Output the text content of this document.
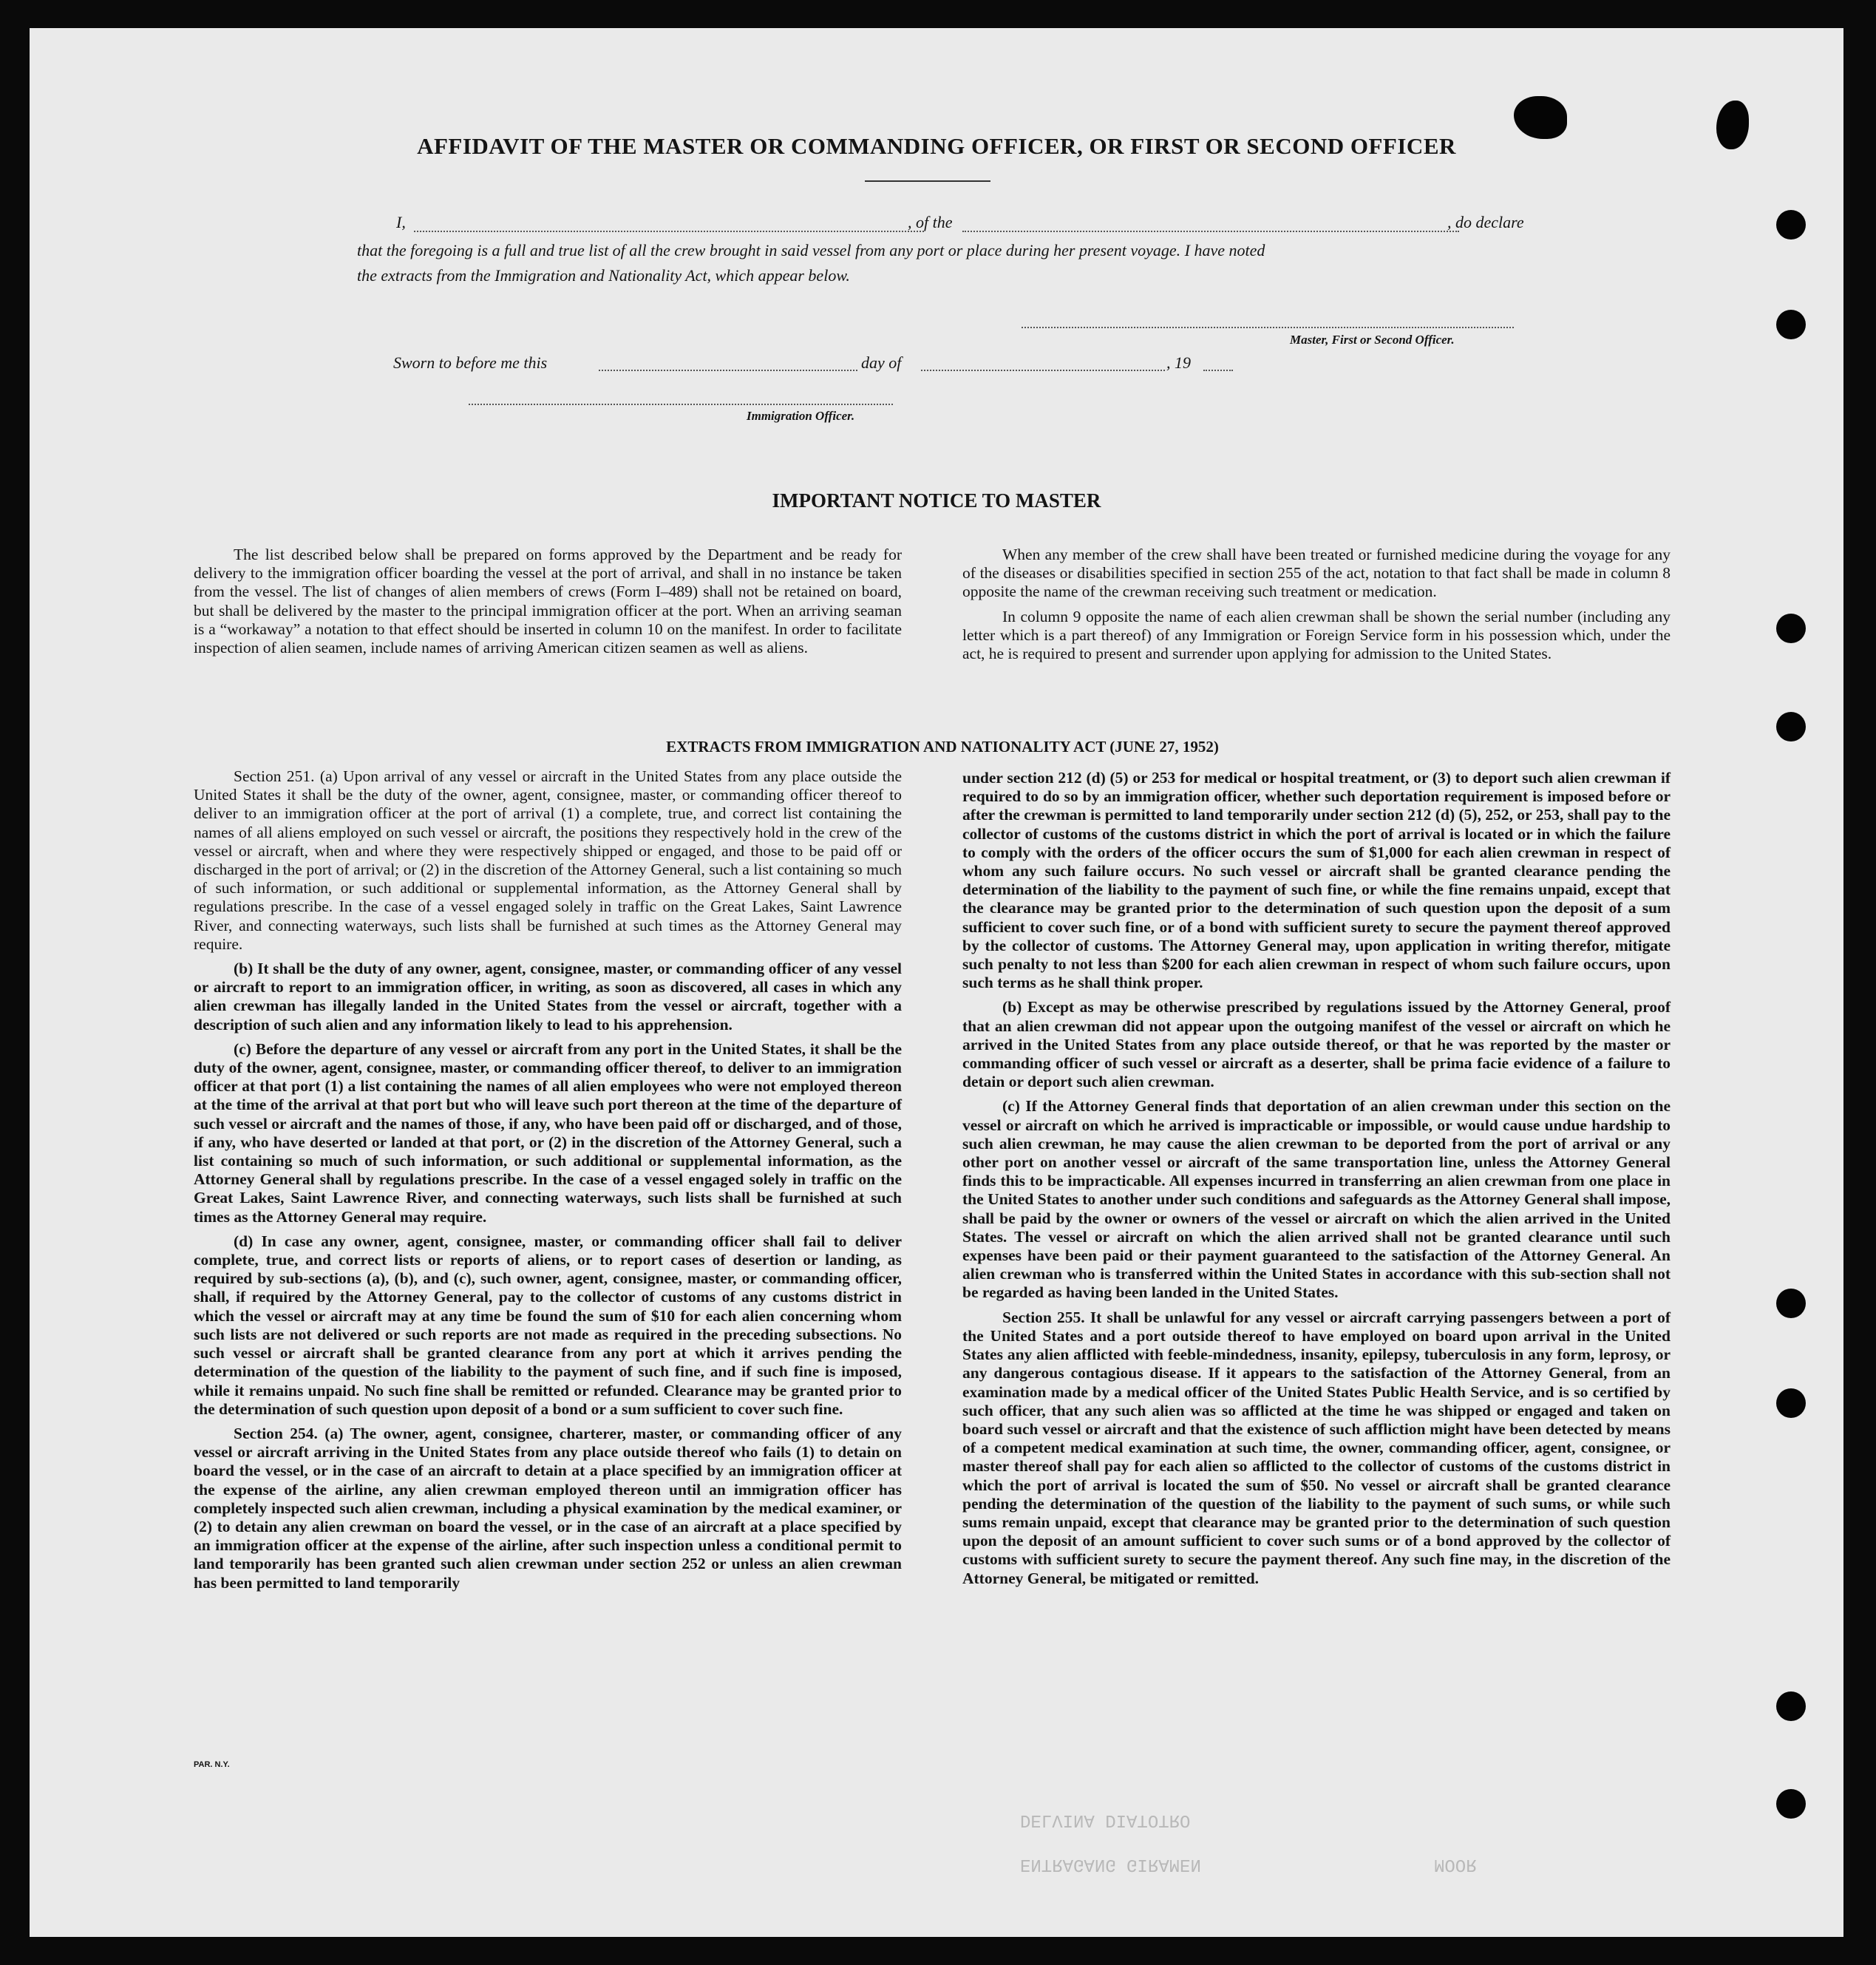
DELVINA DIATOTRO
ENTRAGANG GIRAMEN	MOOR
AFFIDAVIT OF THE MASTER OR COMMANDING OFFICER, OR FIRST OR SECOND OFFICER
I,	, of the	, do declare
that the foregoing is a full and true list of all the crew brought in said vessel from any port or place during her present voyage. I have noted
the extracts from the Immigration and Nationality Act, which appear below.
Master, First or Second Officer.
Sworn to before me this	day of	, 19
Immigration Officer.
IMPORTANT NOTICE TO MASTER

The list described below shall be prepared on forms approved by the Department and be ready for delivery to the immigration officer boarding the vessel at the port of arrival, and shall in no instance be taken from the vessel. The list of changes of alien members of crews (Form I–489) shall not be retained on board, but shall be delivered by the master to the principal immigration officer at the port. When an arriving seaman is a “workaway” a notation to that effect should be inserted in column 10 on the manifest. In order to facilitate inspection of alien seamen, include names of arriving American citizen seamen as well as aliens.

When any member of the crew shall have been treated or furnished medicine during the voyage for any of the diseases or disabilities specified in section 255 of the act, notation to that fact shall be made in column 8 opposite the name of the crewman receiving such treatment or medication.

In column 9 opposite the name of each alien crewman shall be shown the serial number (including any letter which is a part thereof) of any Immigration or Foreign Service form in his possession which, under the act, he is required to present and surrender upon applying for admission to the United States.

EXTRACTS FROM IMMIGRATION AND NATIONALITY ACT (JUNE 27, 1952)

Section 251. (a) Upon arrival of any vessel or aircraft in the United States from any place outside the United States it shall be the duty of the owner, agent, consignee, master, or commanding officer thereof to deliver to an immigration officer at the port of arrival (1) a complete, true, and correct list containing the names of all aliens employed on such vessel or aircraft, the positions they respectively hold in the crew of the vessel or aircraft, when and where they were respectively shipped or engaged, and those to be paid off or discharged in the port of arrival; or (2) in the discretion of the Attorney General, such a list containing so much of such information, or such additional or supplemental information, as the Attorney General shall by regulations prescribe. In the case of a vessel engaged solely in traffic on the Great Lakes, Saint Lawrence River, and connecting waterways, such lists shall be furnished at such times as the Attorney General may require.

(b) It shall be the duty of any owner, agent, consignee, master, or commanding officer of any vessel or aircraft to report to an immigration officer, in writing, as soon as discovered, all cases in which any alien crewman has illegally landed in the United States from the vessel or aircraft, together with a description of such alien and any information likely to lead to his apprehension.

(c) Before the departure of any vessel or aircraft from any port in the United States, it shall be the duty of the owner, agent, consignee, master, or commanding officer thereof, to deliver to an immigration officer at that port (1) a list containing the names of all alien employees who were not employed thereon at the time of the arrival at that port but who will leave such port thereon at the time of the departure of such vessel or aircraft and the names of those, if any, who have been paid off or discharged, and of those, if any, who have deserted or landed at that port, or (2) in the discretion of the Attorney General, such a list containing so much of such information, or such additional or supplemental information, as the Attorney General shall by regulations prescribe. In the case of a vessel engaged solely in traffic on the Great Lakes, Saint Lawrence River, and connecting waterways, such lists shall be furnished at such times as the Attorney General may require.

(d) In case any owner, agent, consignee, master, or commanding officer shall fail to deliver complete, true, and correct lists or reports of aliens, or to report cases of desertion or landing, as required by sub-sections (a), (b), and (c), such owner, agent, consignee, master, or commanding officer, shall, if required by the Attorney General, pay to the collector of customs of any customs district in which the vessel or aircraft may at any time be found the sum of $10 for each alien concerning whom such lists are not delivered or such reports are not made as required in the preceding subsections. No such vessel or aircraft shall be granted clearance from any port at which it arrives pending the determination of the question of the liability to the payment of such fine, and if such fine is imposed, while it remains unpaid. No such fine shall be remitted or refunded. Clearance may be granted prior to the determination of such question upon deposit of a bond or a sum sufficient to cover such fine.

Section 254. (a) The owner, agent, consignee, charterer, master, or commanding officer of any vessel or aircraft arriving in the United States from any place outside thereof who fails (1) to detain on board the vessel, or in the case of an aircraft to detain at a place specified by an immigration officer at the expense of the airline, any alien crewman employed thereon until an immigration officer has completely inspected such alien crewman, including a physical examination by the medical examiner, or (2) to detain any alien crewman on board the vessel, or in the case of an aircraft at a place specified by an immigration officer at the expense of the airline, after such inspection unless a conditional permit to land temporarily has been granted such alien crewman under section 252 or unless an alien crewman has been permitted to land temporarily

under section 212 (d) (5) or 253 for medical or hospital treatment, or (3) to deport such alien crewman if required to do so by an immigration officer, whether such deportation requirement is imposed before or after the crewman is permitted to land temporarily under section 212 (d) (5), 252, or 253, shall pay to the collector of customs of the customs district in which the port of arrival is located or in which the failure to comply with the orders of the officer occurs the sum of $1,000 for each alien crewman in respect of whom any such failure occurs. No such vessel or aircraft shall be granted clearance pending the determination of the liability to the payment of such fine, or while the fine remains unpaid, except that the clearance may be granted prior to the determination of such question upon the deposit of a sum sufficient to cover such fine, or of a bond with sufficient surety to secure the payment thereof approved by the collector of customs. The Attorney General may, upon application in writing therefor, mitigate such penalty to not less than $200 for each alien crewman in respect of whom such failure occurs, upon such terms as he shall think proper.

(b) Except as may be otherwise prescribed by regulations issued by the Attorney General, proof that an alien crewman did not appear upon the outgoing manifest of the vessel or aircraft on which he arrived in the United States from any place outside thereof, or that he was reported by the master or commanding officer of such vessel or aircraft as a deserter, shall be prima facie evidence of a failure to detain or deport such alien crewman.

(c) If the Attorney General finds that deportation of an alien crewman under this section on the vessel or aircraft on which he arrived is impracticable or impossible, or would cause undue hardship to such alien crewman, he may cause the alien crewman to be deported from the port of arrival or any other port on another vessel or aircraft of the same transportation line, unless the Attorney General finds this to be impracticable. All expenses incurred in transferring an alien crewman from one place in the United States to another under such conditions and safeguards as the Attorney General shall impose, shall be paid by the owner or owners of the vessel or aircraft on which the alien arrived in the United States. The vessel or aircraft on which the alien arrived shall not be granted clearance until such expenses have been paid or their payment guaranteed to the satisfaction of the Attorney General. An alien crewman who is transferred within the United States in accordance with this sub-section shall not be regarded as having been landed in the United States.

Section 255. It shall be unlawful for any vessel or aircraft carrying passengers between a port of the United States and a port outside thereof to have employed on board upon arrival in the United States any alien afflicted with feeble-mindedness, insanity, epilepsy, tuberculosis in any form, leprosy, or any dangerous contagious disease. If it appears to the satisfaction of the Attorney General, from an examination made by a medical officer of the United States Public Health Service, and is so certified by such officer, that any such alien was so afflicted at the time he was shipped or engaged and taken on board such vessel or aircraft and that the existence of such affliction might have been detected by means of a competent medical examination at such time, the owner, commanding officer, agent, consignee, or master thereof shall pay for each alien so afflicted to the collector of customs of the customs district in which the port of arrival is located the sum of $50. No vessel or aircraft shall be granted clearance pending the determination of the question of the liability to the payment of such sums, or while such sums remain unpaid, except that clearance may be granted prior to the determination of such question upon the deposit of an amount sufficient to cover such sums or of a bond approved by the collector of customs with sufficient surety to secure the payment thereof. Any such fine may, in the discretion of the Attorney General, be mitigated or remitted.

PAR. N.Y.
